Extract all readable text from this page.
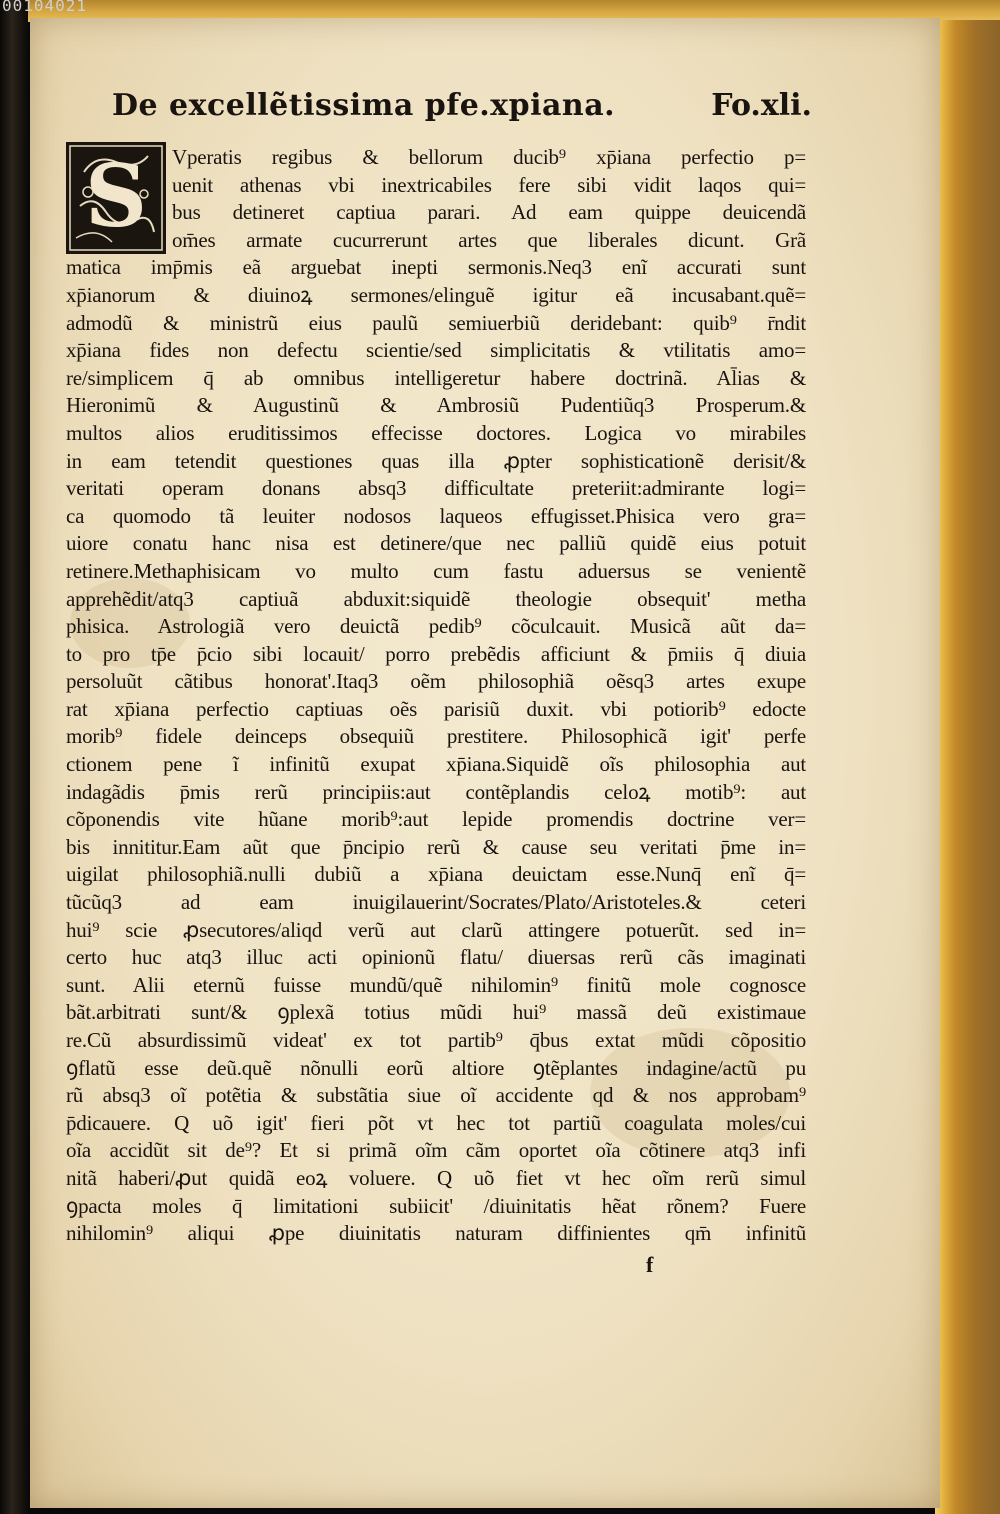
00104021
De excellẽtissima pfe.xpiana.	Fo.xli.
S	Vperatis regibus & bellorum ducib⁹ xp̄iana perfectio p=
uenit athenas vbi inextricabiles fere sibi vidit laqos qui=
bus detineret captiua parari. Ad eam quippe deuicendã
om̄es armate cucurrerunt artes que liberales dicunt. Grã
matica imp̄mis eã arguebat inepti sermonis.Neq3 enĩ accurati sunt
xp̄ianorum & diuinoꝝ sermones/elinguẽ igitur eã incusabant.quẽ=
admodũ & ministrũ eius paulũ semiuerbiũ deridebant: quib⁹ r̄ndit
xp̄iana fides non defectu scientie/sed simplicitatis & vtilitatis amo=
re/simplicem q̄ ab omnibus intelligeretur habere doctrinã. Al̄ias &
Hieronimũ & Augustinũ & Ambrosiũ Pudentiũq3 Prosperum.&
multos alios eruditissimos effecisse doctores. Logica vo mirabiles
in eam tetendit questiones quas illa ꝓpter sophisticationẽ derisit/&
veritati operam donans absq3 difficultate preteriit:admirante logi=
ca quomodo tã leuiter nodosos laqueos effugisset.Phisica vero gra=
uiore conatu hanc nisa est detinere/que nec palliũ quidẽ eius potuit
retinere.Methaphisicam vo multo cum fastu aduersus se venientẽ
apprehẽdit/atq3 captiuã abduxit:siquidẽ theologie obsequit' metha
phisica. Astrologiã vero deuictã pedib⁹ cõculcauit. Musicã aũt da=
to pro tp̄e p̄cio sibi locauit/ porro prebẽdis afficiunt & p̄miis q̄ diuia
persoluũt cãtibus honorat'.Itaq3 oẽm philosophiã oẽsq3 artes exupe
rat xp̄iana perfectio captiuas oẽs parisiũ duxit. vbi potiorib⁹ edocte
morib⁹ fidele deinceps obsequiũ prestitere. Philosophicã igit' perfe
ctionem pene ĩ infinitũ exupat xp̄iana.Siquidẽ oĩs philosophia aut
indagãdis p̄mis rerũ principiis:aut contẽplandis celoꝝ motib⁹: aut
cõponendis vite hũane morib⁹:aut lepide promendis doctrine ver=
bis innititur.Eam aũt que p̄ncipio rerũ & cause seu veritati p̄me in=
uigilat philosophiã.nulli dubiũ a xp̄iana deuictam esse.Nunq̄ enĩ q̄=
tũcũq3 ad eam inuigilauerint/Socrates/Plato/Aristoteles.& ceteri
hui⁹ scie ꝓsecutores/aliqd verũ aut clarũ attingere potuerũt. sed in=
certo huc atq3 illuc acti opinionũ flatu/ diuersas rerũ cãs imaginati
sunt. Alii eternũ fuisse mundũ/quẽ nihilomin⁹ finitũ mole cognosce
bãt.arbitrati sunt/& ꝯplexã totius mũdi hui⁹ massã deũ existimaue
re.Cũ absurdissimũ videat' ex tot partib⁹ q̄bus extat mũdi cõpositio
ꝯflatũ esse deũ.quẽ nõnulli eorũ altiore ꝯtẽplantes indagine/actũ pu
rũ absq3 oĩ potẽtia & substãtia siue oĩ accidente qd & nos approbam⁹
p̄dicauere. Q uõ igit' fieri põt vt hec tot partiũ coagulata moles/cui
oĩa accidũt sit de⁹? Et si primã oĩm cãm oportet oĩa cõtinere atq3 infi
nitã haberi/ꝓut quidã eoꝝ voluere. Q uõ fiet vt hec oĩm rerũ simul
ꝯpacta moles q̄ limitationi subiicit' /diuinitatis hẽat rõnem? Fuere
nihilomin⁹ aliqui ꝓpe diuinitatis naturam diffinientes qm̄ infinitũ
f
